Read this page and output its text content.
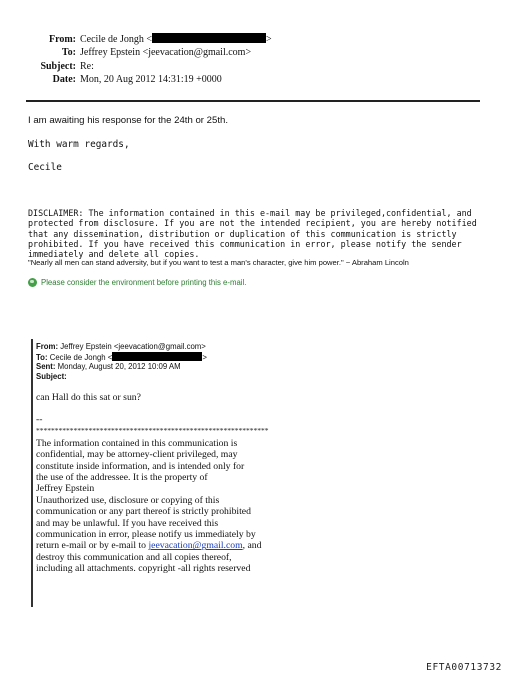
From: Cecile de Jongh <	>
To: Jeffrey Epstein <jeevacation@gmail.com>
Subject: Re:
Date: Mon, 20 Aug 2012 14:31:19 +0000
I am awaiting his response for the 24th or 25th.
With warm regards,
Cecile
DISCLAIMER: The information contained in this e-mail may be privileged,confidential, and protected from disclosure. If you are not the intended recipient, you are hereby notified that any dissemination, distribution or duplication of this communication is strictly prohibited. If you have received this communication in error, please notify the sender immediately and delete all copies.
"Nearly all men can stand adversity, but if you want to test a man's character, give him power." ~ Abraham Lincoln
Please consider the environment before printing this e-mail.
From: Jeffrey Epstein <jeevacation@gmail.com>
To: Cecile de Jongh <	>
Sent: Monday, August 20, 2012 10:09 AM
Subject:
can Hall do this sat or sun?
--
**************************************************************
The information contained in this communication is
confidential, may be attorney-client privileged, may
constitute inside information, and is intended only for
the use of the addressee. It is the property of
Jeffrey Epstein
Unauthorized use, disclosure or copying of this
communication or any part thereof is strictly prohibited
and may be unlawful. If you have received this
communication in error, please notify us immediately by
return e-mail or by e-mail to jeevacation@gmail.com, and
destroy this communication and all copies thereof,
including all attachments. copyright -all rights reserved
EFTA00713732
